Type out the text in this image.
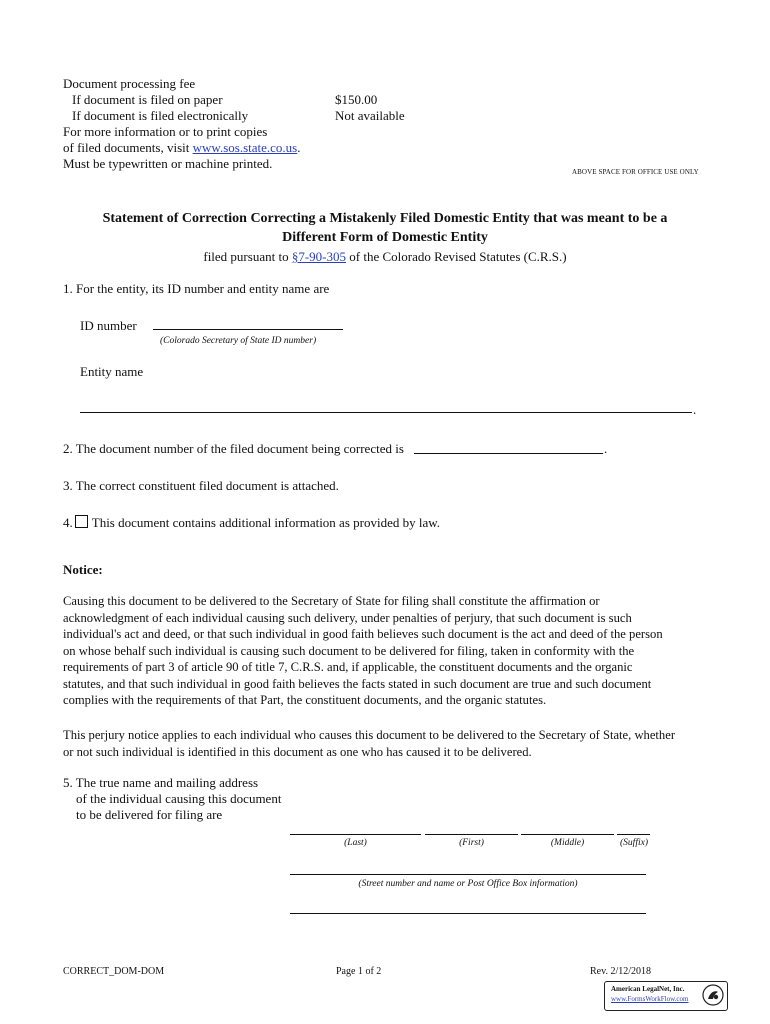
Document processing fee
If document is filed on paper	$150.00
If document is filed electronically	Not available
For more information or to print copies
of filed documents, visit www.sos.state.co.us.
Must be typewritten or machine printed.
ABOVE SPACE FOR OFFICE USE ONLY
Statement of Correction Correcting a Mistakenly Filed Domestic Entity that was meant to be a
Different Form of Domestic Entity
filed pursuant to §7-90-305 of the Colorado Revised Statutes (C.R.S.)
1. For the entity, its ID number and entity name are
ID number
(Colorado Secretary of State ID number)
Entity name
.
2. The document number of the filed document being corrected is	.
3. The correct constituent filed document is attached.
4. This document contains additional information as provided by law.
Notice:
Causing this document to be delivered to the Secretary of State for filing shall constitute the affirmation or
acknowledgment of each individual causing such delivery, under penalties of perjury, that such document is such
individual's act and deed, or that such individual in good faith believes such document is the act and deed of the person
on whose behalf such individual is causing such document to be delivered for filing, taken in conformity with the
requirements of part 3 of article 90 of title 7, C.R.S. and, if applicable, the constituent documents and the organic
statutes, and that such individual in good faith believes the facts stated in such document are true and such document
complies with the requirements of that Part, the constituent documents, and the organic statutes.
This perjury notice applies to each individual who causes this document to be delivered to the Secretary of State, whether
or not such individual is identified in this document as one who has caused it to be delivered.
5. The true name and mailing address
of the individual causing this document
to be delivered for filing are
(Last)	(First)	(Middle)	(Suffix)
(Street number and name or Post Office Box information)
CORRECT_DOM-DOM	Page 1 of 2	Rev. 2/12/2018
American LegalNet, Inc.
www.FormsWorkFlow.com
